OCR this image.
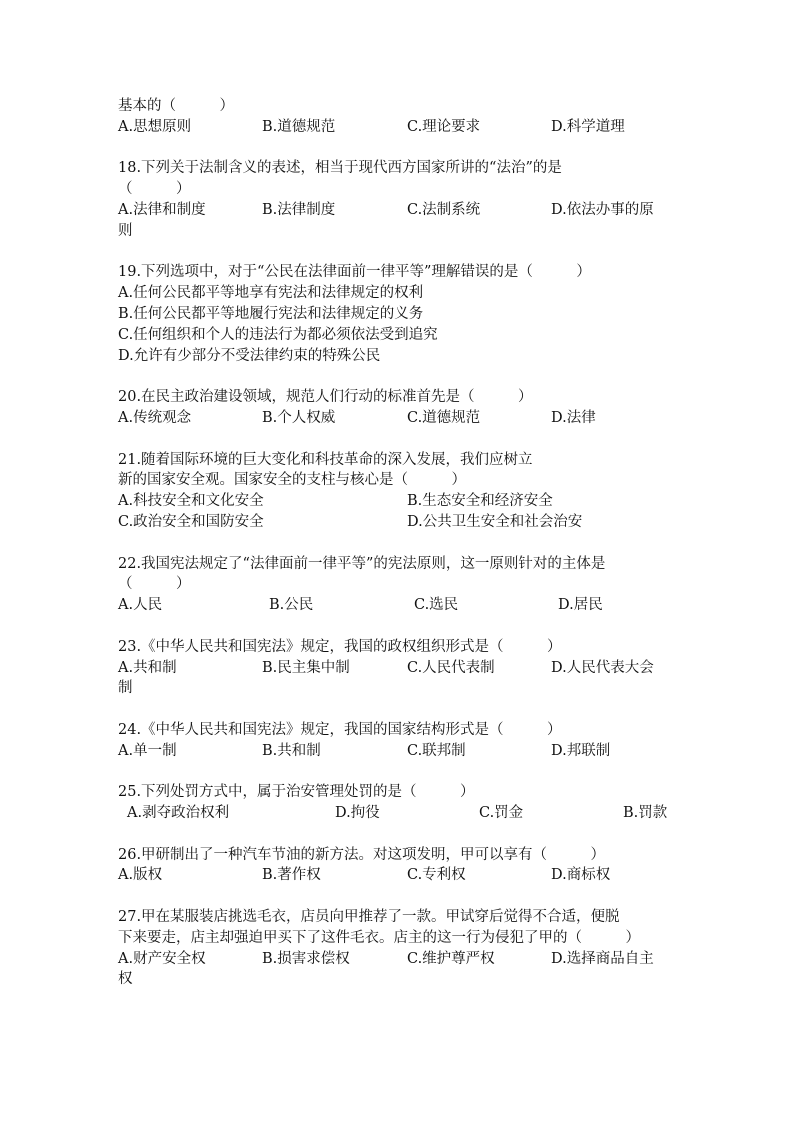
基本的（　　　）
A.思想原则	B.道德规范	C.理论要求	D.科学道理
18.下列关于法制含义的表述，相当于现代西方国家所讲的“法治”的是
（　　　）
A.法律和制度	B.法律制度	C.法制系统	D.依法办事的原
则
19.下列选项中，对于“公民在法律面前一律平等”理解错误的是（　　　）
A.任何公民都平等地享有宪法和法律规定的权利
B.任何公民都平等地履行宪法和法律规定的义务
C.任何组织和个人的违法行为都必须依法受到追究
D.允许有少部分不受法律约束的特殊公民
20.在民主政治建设领域，规范人们行动的标准首先是（　　　）
A.传统观念	B.个人权威	C.道德规范	D.法律
21.随着国际环境的巨大变化和科技革命的深入发展，我们应树立
新的国家安全观。国家安全的支柱与核心是（　　　）
A.科技安全和文化安全	B.生态安全和经济安全
C.政治安全和国防安全	D.公共卫生安全和社会治安
22.我国宪法规定了“法律面前一律平等”的宪法原则，这一原则针对的主体是
（　　　）
A.人民	B.公民	C.选民	D.居民
23.《中华人民共和国宪法》规定，我国的政权组织形式是（　　　）
A.共和制	B.民主集中制	C.人民代表制	D.人民代表大会
制
24.《中华人民共和国宪法》规定，我国的国家结构形式是（　　　）
A.单一制	B.共和制	C.联邦制	D.邦联制
25.下列处罚方式中，属于治安管理处罚的是（　　　）
A.剥夺政治权利	D.拘役	C.罚金	B.罚款
26.甲研制出了一种汽车节油的新方法。对这项发明，甲可以享有（　　　）
A.版权	B.著作权	C.专利权	D.商标权
27.甲在某服装店挑选毛衣，店员向甲推荐了一款。甲试穿后觉得不合适，便脱
下来要走，店主却强迫甲买下了这件毛衣。店主的这一行为侵犯了甲的（　　　）
A.财产安全权	B.损害求偿权	C.维护尊严权	D.选择商品自主
权
